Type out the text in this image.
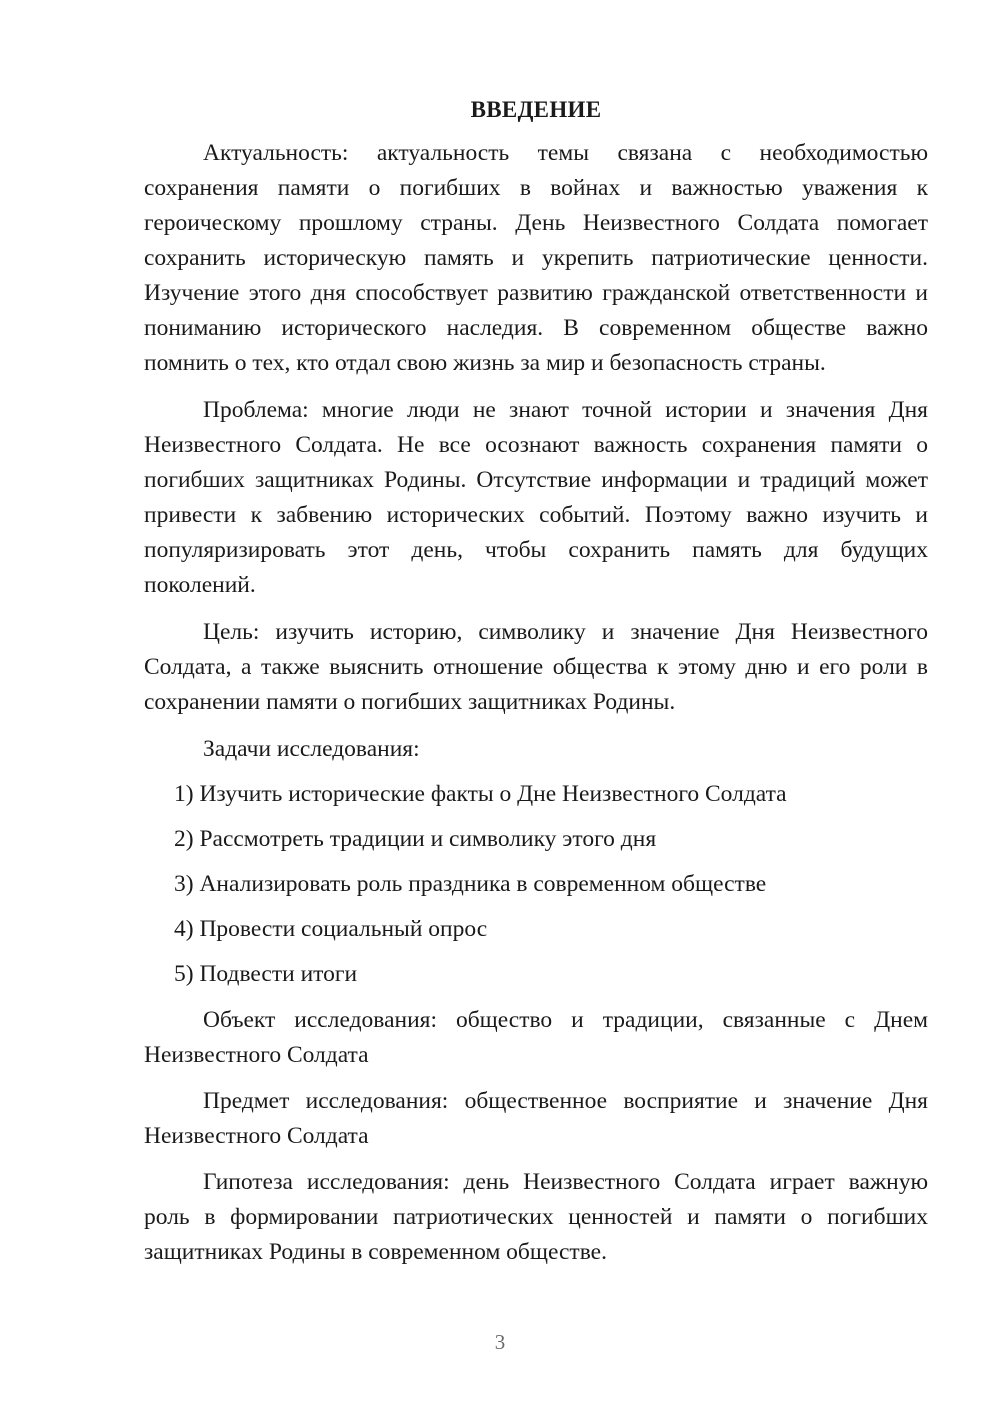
ВВЕДЕНИЕ

Актуальность: актуальность темы связана с необходимостью сохранения памяти о погибших в войнах и важностью уважения к героическому прошлому страны. День Неизвестного Солдата помогает сохранить историческую память и укрепить патриотические ценности. Изучение этого дня способствует развитию гражданской ответственности и пониманию исторического наследия. В современном обществе важно помнить о тех, кто отдал свою жизнь за мир и безопасность страны.

Проблема: многие люди не знают точной истории и значения Дня Неизвестного Солдата. Не все осознают важность сохранения памяти о погибших защитниках Родины. Отсутствие информации и традиций может привести к забвению исторических событий. Поэтому важно изучить и популяризировать этот день, чтобы сохранить память для будущих поколений.

Цель: изучить историю, символику и значение Дня Неизвестного Солдата, а также выяснить отношение общества к этому дню и его роли в сохранении памяти о погибших защитниках Родины.

Задачи исследования:

1) Изучить исторические факты о Дне Неизвестного Солдата
2) Рассмотреть традиции и символику этого дня
3) Анализировать роль праздника в современном обществе
4) Провести социальный опрос
5) Подвести итоги

Объект исследования: общество и традиции, связанные с Днем Неизвестного Солдата

Предмет исследования: общественное восприятие и значение Дня Неизвестного Солдата

Гипотеза исследования: день Неизвестного Солдата играет важную роль в формировании патриотических ценностей и памяти о погибших защитниках Родины в современном обществе.

3
